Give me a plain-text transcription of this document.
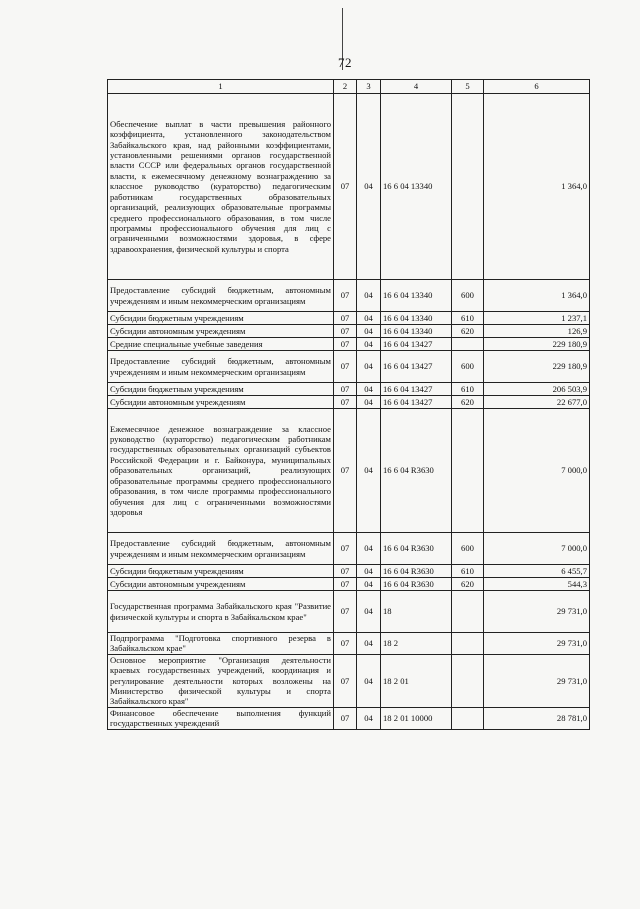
72
1	2	3	4	5	6
Обеспечение выплат в части превышения районного коэффициента, установленного законодательством Забайкальского края, над районными коэффициентами, установленными решениями органов государственной власти СССР или федеральных органов государственной власти, к ежемесячному денежному вознаграждению за классное руководство (кураторство) педагогическим работникам государственных образовательных организаций, реализующих образовательные программы среднего профессионального образования, в том числе программы профессионального обучения для лиц с ограниченными возможностями здоровья, в сфере здравоохранения, физической культуры и спорта	07	04	16 6 04 13340		1 364,0
Предоставление субсидий бюджетным, автономным учреждениям и иным некоммерческим организациям	07	04	16 6 04 13340	600	1 364,0
Субсидии бюджетным учреждениям	07	04	16 6 04 13340	610	1 237,1
Субсидии автономным учреждениям	07	04	16 6 04 13340	620	126,9
Средние специальные учебные заведения	07	04	16 6 04 13427		229 180,9
Предоставление субсидий бюджетным, автономным учреждениям и иным некоммерческим организациям	07	04	16 6 04 13427	600	229 180,9
Субсидии бюджетным учреждениям	07	04	16 6 04 13427	610	206 503,9
Субсидии автономным учреждениям	07	04	16 6 04 13427	620	22 677,0
Ежемесячное денежное вознаграждение за классное руководство (кураторство) педагогическим работникам государственных образовательных организаций субъектов Российской Федерации и г. Байконура, муниципальных образовательных организаций, реализующих образовательные программы среднего профессионального образования, в том числе программы профессионального обучения для лиц с ограниченными возможностями здоровья	07	04	16 6 04 R3630		7 000,0
Предоставление субсидий бюджетным, автономным учреждениям и иным некоммерческим организациям	07	04	16 6 04 R3630	600	7 000,0
Субсидии бюджетным учреждениям	07	04	16 6 04 R3630	610	6 455,7
Субсидии автономным учреждениям	07	04	16 6 04 R3630	620	544,3
Государственная программа Забайкальского края "Развитие физической культуры и спорта в Забайкальском крае"	07	04	18		29 731,0
Подпрограмма "Подготовка спортивного резерва в Забайкальском крае"	07	04	18 2		29 731,0
Основное мероприятие "Организация деятельности краевых государственных учреждений, координация и регулирование деятельности которых возложены на Министерство физической культуры и спорта Забайкальского края"	07	04	18 2 01		29 731,0
Финансовое обеспечение выполнения функций государственных учреждений	07	04	18 2 01 10000		28 781,0
